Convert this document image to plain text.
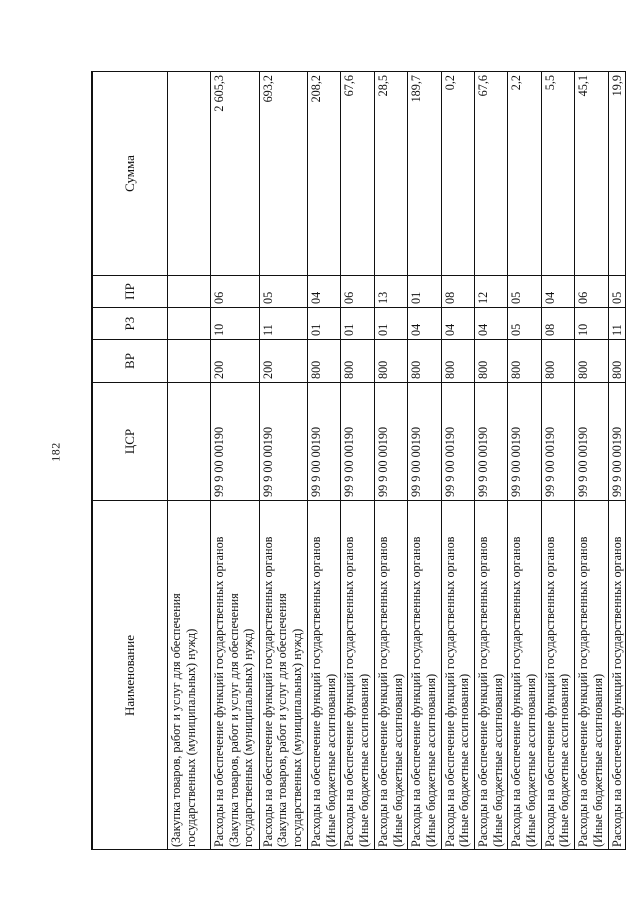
182
Наименование	ЦСР	ВР	РЗ	ПР	Сумма
(Закупка товаров, работ и услуг для обеспечения государственных (муниципальных) нужд)					
Расходы на обеспечение функций государственных органов (Закупка товаров, работ и услуг для обеспечения государственных (муниципальных) нужд)	99 9 00 00190	200	10	06	2 605,3
Расходы на обеспечение функций государственных органов (Закупка товаров, работ и услуг для обеспечения государственных (муниципальных) нужд)	99 9 00 00190	200	11	05	693,2
Расходы на обеспечение функций государственных органов (Иные бюджетные ассигнования)	99 9 00 00190	800	01	04	208,2
Расходы на обеспечение функций государственных органов (Иные бюджетные ассигнования)	99 9 00 00190	800	01	06	67,6
Расходы на обеспечение функций государственных органов (Иные бюджетные ассигнования)	99 9 00 00190	800	01	13	28,5
Расходы на обеспечение функций государственных органов (Иные бюджетные ассигнования)	99 9 00 00190	800	04	01	189,7
Расходы на обеспечение функций государственных органов (Иные бюджетные ассигнования)	99 9 00 00190	800	04	08	0,2
Расходы на обеспечение функций государственных органов (Иные бюджетные ассигнования)	99 9 00 00190	800	04	12	67,6
Расходы на обеспечение функций государственных органов (Иные бюджетные ассигнования)	99 9 00 00190	800	05	05	2,2
Расходы на обеспечение функций государственных органов (Иные бюджетные ассигнования)	99 9 00 00190	800	08	04	5,5
Расходы на обеспечение функций государственных органов (Иные бюджетные ассигнования)	99 9 00 00190	800	10	06	45,1
Расходы на обеспечение функций государственных органов	99 9 00 00190	800	11	05	19,9
